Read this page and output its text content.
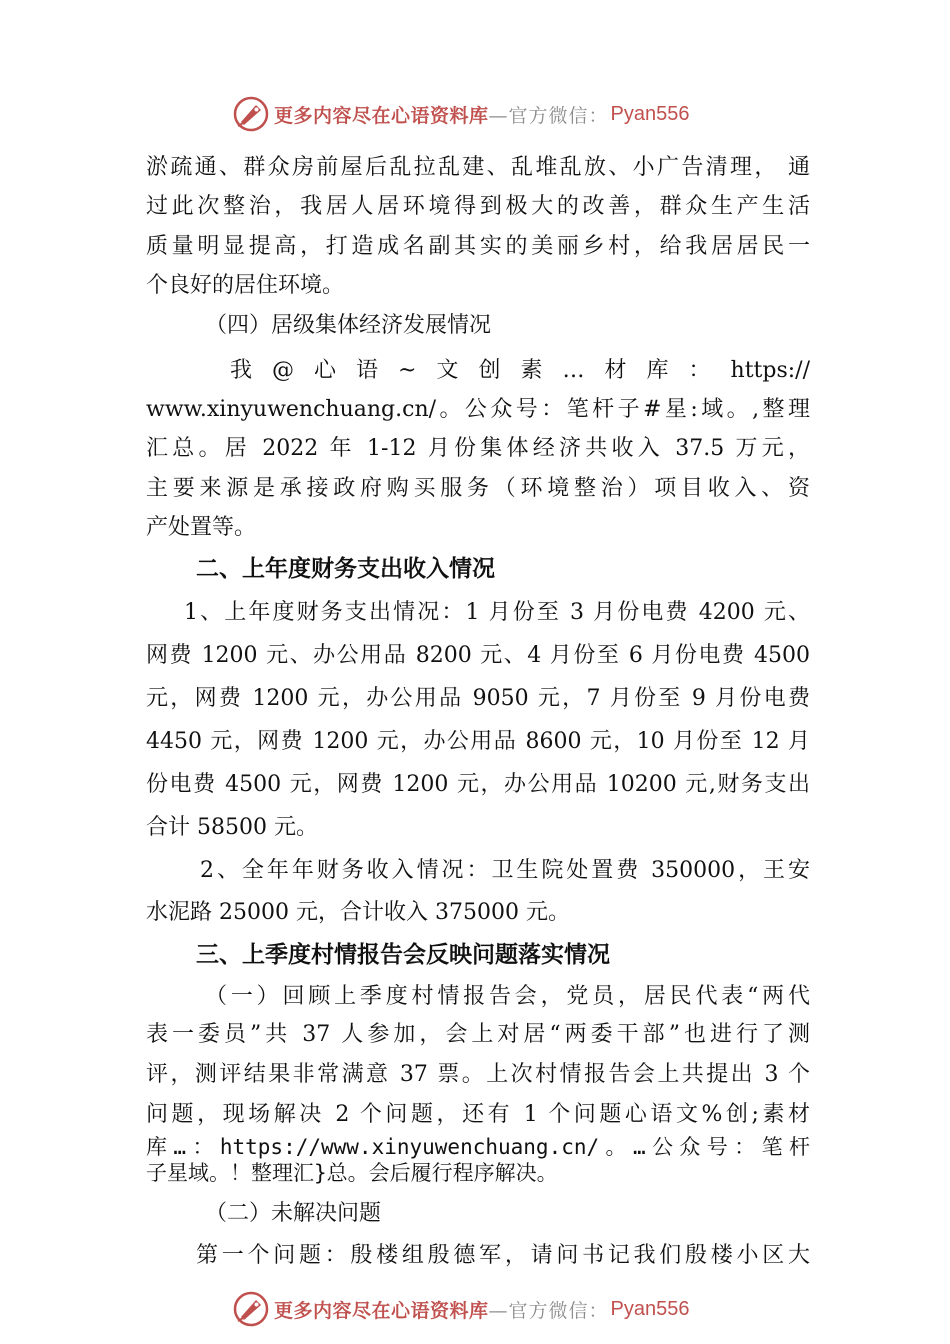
更多内容尽在心语资料库 —官方微信： Pyan556

淤疏通、群众房前屋后乱拉乱建、乱堆乱放、小广告清理， 通

过此次整治，我居人居环境得到极大的改善，群众生产生活

质量明显提高，打造成名副其实的美丽乡村，给我居居民一

个良好的居住环境。

（四）居级集体经济发展情况

我@心语~文创素…材库：https://

www.xinyuwenchuang.cn/。公众号：笔杆子#星:域。,整理

汇总。居 2022 年 1-12 月份集体经济共收入 37.5 万元，

主要来源是承接政府购买服务（环境整治）项目收入、资

产处置等。

二、上年度财务支出收入情况

1、上年度财务支出情况：1 月份至 3 月份电费 4200 元、

网费 1200 元、办公用品 8200 元、4 月份至 6 月份电费 4500

元，网费 1200 元，办公用品 9050 元，7 月份至 9 月份电费

4450 元，网费 1200 元，办公用品 8600 元，10 月份至 12 月

份电费 4500 元，网费 1200 元，办公用品 10200 元,财务支出

合计 58500 元。

2、全年年财务收入情况：卫生院处置费 350000，王安

水泥路 25000 元，合计收入 375000 元。

三、上季度村情报告会反映问题落实情况

（一）回顾上季度村情报告会，党员，居民代表“两代

表一委员”共 37 人参加，会上对居“两委干部”也进行了测

评，测评结果非常满意 37 票。上次村情报告会上共提出 3 个

问题，现场解决 2 个问题，还有 1 个问题心语文%创;素材

库…：https://www.xinyuwenchuang.cn/。…公众号：笔杆

子星域。！整理汇}总。会后履行程序解决。

（二）未解决问题

第一个问题：殷楼组殷德军，请问书记我们殷楼小区大

更多内容尽在心语资料库 —官方微信： Pyan556
